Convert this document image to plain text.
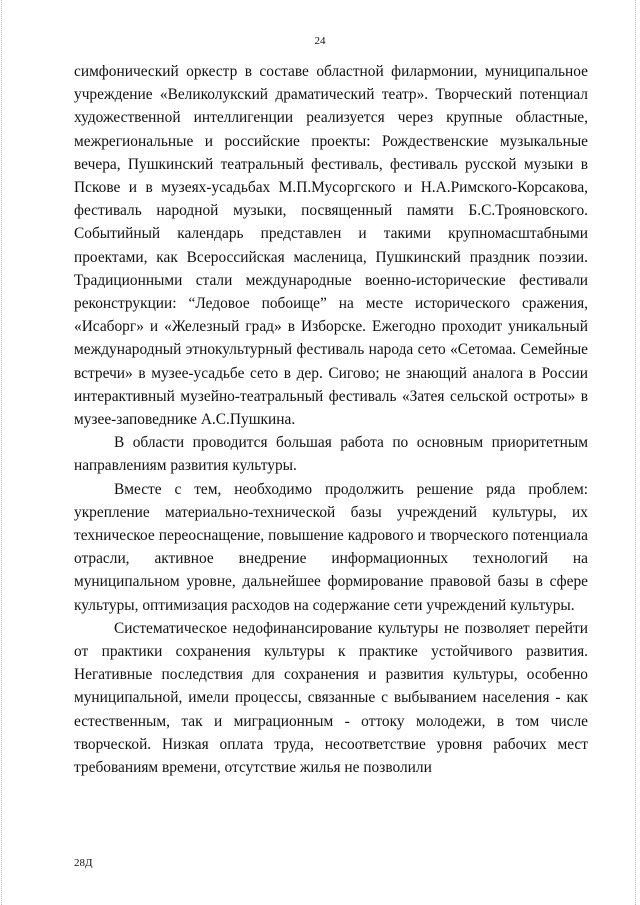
24

симфонический оркестр в составе областной филармонии, муниципальное учреждение «Великолукский драматический театр». Творческий потенциал художественной интеллигенции реализуется через крупные областные, межрегиональные и российские проекты: Рождественские музыкальные вечера, Пушкинский театральный фестиваль, фестиваль русской музыки в Пскове и в музеях-усадьбах М.П.Мусоргского и Н.А.Римского-Корсакова, фестиваль народной музыки, посвященный памяти Б.С.Трояновского. Событийный календарь представлен и такими крупномасштабными проектами, как Всероссийская масленица, Пушкинский праздник поэзии. Традиционными стали международные военно-исторические фестивали реконструкции: “Ледовое побоище” на месте исторического сражения, «Исаборг» и «Железный град» в Изборске. Ежегодно проходит уникальный международный этнокультурный фестиваль народа сето «Сетомаа. Семейные встречи» в музее-усадьбе сето в дер. Сигово; не знающий аналога в России интерактивный музейно-театральный фестиваль «Затея сельской остроты» в музее-заповеднике А.С.Пушкина.

В области проводится большая работа по основным приоритетным направлениям развития культуры.

Вместе с тем, необходимо продолжить решение ряда проблем: укрепление материально-технической базы учреждений культуры, их техническое переоснащение, повышение кадрового и творческого потенциала отрасли, активное внедрение информационных технологий на муниципальном уровне, дальнейшее формирование правовой базы в сфере культуры, оптимизация расходов на содержание сети учреждений культуры.

Систематическое недофинансирование культуры не позволяет перейти от практики сохранения культуры к практике устойчивого развития. Негативные последствия для сохранения и развития культуры, особенно муниципальной, имели процессы, связанные с выбыванием населения - как естественным, так и миграционным - оттоку молодежи, в том числе творческой. Низкая оплата труда, несоответствие уровня рабочих мест требованиям времени, отсутствие жилья не позволили

28Д
